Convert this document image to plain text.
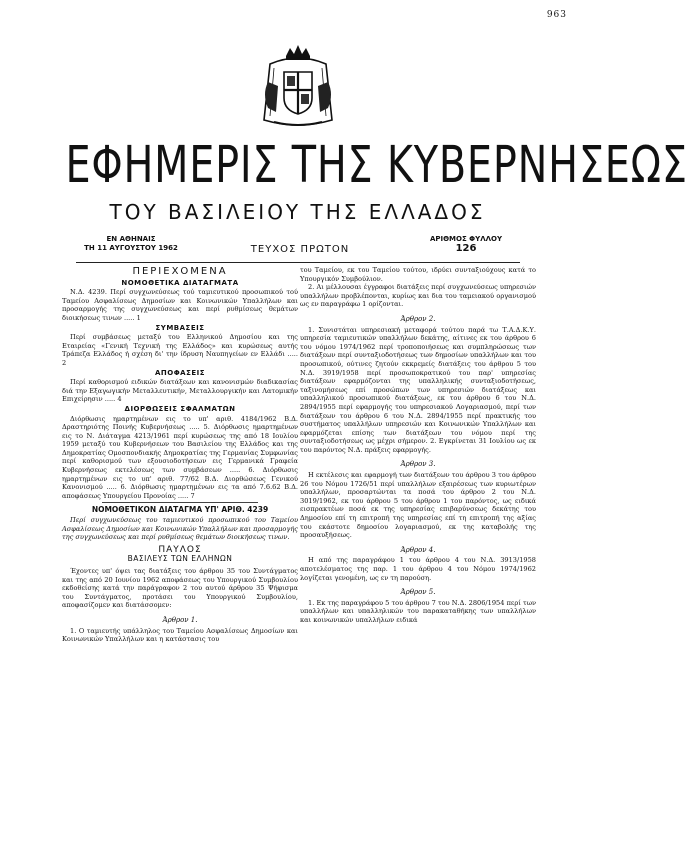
963
ΕΦΗΜΕΡΙΣ ΤΗΣ ΚΥΒΕΡΝΗΣΕΩΣ
ΤΟΥ ΒΑΣΙΛΕΙΟΥ ΤΗΣ ΕΛΛΑΔΟΣ
ΕΝ ΑΘΗΝΑΙΣ
ΤΗ 11 ΑΥΓΟΥΣΤΟΥ 1962	ΤΕΥΧΟΣ ΠΡΩΤΟΝ
ΑΡΙΘΜΟΣ ΦΥΛΛΟΥ
126
ΠΕΡΙΕΧΟΜΕΝΑ
ΝΟΜΟΘΕΤΙΚΑ ΔΙΑΤΑΓΜΑΤΑ

Ν.Δ. 4239. Περί συγχωνεύσεως τού ταμιευτικού προσωπικού τού Ταμείου Ασφαλίσεως Δημοσίων και Κοινωνικών Υπαλλήλων και προσαρμογής της συγχωνεύσεως και περί ρυθμίσεως θεμάτων διοικήσεως τινων ..... 1

ΣΥΜΒΑΣΕΙΣ

Περί συμβάσεως μεταξύ του Ελληνικού Δημοσίου και της Εταιρείας «Γενική Τεχνική της Ελλάδος» και κυρώσεως αυτής Τράπεζα Ελλάδος ή σχέση δι' την ίδρυση Ναυπηγείων εν Ελλάδι ..... 2

ΑΠΟΦΑΣΕΙΣ

Περί καθορισμού ειδικών διατάξεων και κανονισμών διαδικασίας διά την Εξαγωγικήν Μεταλλευτικήν, Μεταλλουργικήν και Λατομικήν Επιχείρησιν ..... 4

ΔΙΟΡΘΩΣΕΙΣ ΣΦΑΛΜΑΤΩΝ

Διόρθωσις ημαρτημένων εις το υπ' αριθ. 4184/1962 Β.Δ. Δραστηριότης Ποινής Κυβερνήσεως ..... 5. Διόρθωσις ημαρτημένων εις το Ν. Διάταγμα 4213/1961 περί κυρώσεως της από 18 Ιουλίου 1959 μεταξύ του Κυβερνήσεων του Βασιλείου της Ελλάδος και της Δημοκρατίας Ομοσπονδιακής Δημοκρατίας της Γερμανίας Συμφωνίας περί καθορισμού των εξουσιοδοτήσεων εις Γερμανικά Γραφεία Κυβερνήσεως εκτελέσεως των συμβάσεων ..... 6. Διόρθωσις ημαρτημένων εις το υπ' αριθ. 77/62 Β.Δ. Διορθώσεως Γενικού Κανονισμού ..... 6. Διόρθωσις ημαρτημένων εις τα από 7.6.62 Β.Δ. αποφάσεως Υπουργείου Πρoνοίας ..... 7

ΝΟΜΟΘΕΤΙΚΟΝ ΔΙΑΤΑΓΜΑ ΥΠ' ΑΡΙΘ. 4239

Περί συγχωνεύσεως του ταμιευτικού προσωπικού του Ταμείου Ασφαλίσεως Δημοσίων και Κοινωνικών Υπαλλήλων και προσαρμογής της συγχωνεύσεως και περί ρυθμίσεως θεμάτων διοικήσεως τινων.

ΠΑΥΛΟΣ
ΒΑΣΙΛΕΥΣ ΤΩΝ ΕΛΛΗΝΩΝ

Έχοντες υπ' όψει τας διατάξεις του άρθρου 35 του Συντάγματος και της από 20 Ιουνίου 1962 αποφάσεως του Υπουργικού Συμβουλίου εκδοθείσης κατά την παράγραφον 2 του αυτού άρθρου 35 Ψήφισμα του Συντάγματος, προτάσει του Υπουργικού Συμβουλίου, αποφασίζομεν και διατάσσομεν:

Άρθρον 1.

1. Ο ταμιευτής υπάλληλος του Ταμείου Ασφαλίσεως Δημοσίων και Κοινωνικών Υπαλλήλων και η κατάστασις του

του Ταμείου, εκ του Ταμείου τούτου, ιδρύει συνταξιούχους κατά το Υπουργικόν Συμβούλιον.

2. Αι μέλλουσαι έγγραφοι διατάξεις περί συγχωνεύσεως υπηρεσιών υπαλλήλων προβλέπονται, κυρίως και δια του ταμειακού οργανισμού ως εν παραγράφω 1 ορίζονται.

Άρθρον 2.

1. Συνιστάται υπηρεσιακή μεταφορά τούτου παρά τω Τ.Α.Δ.Κ.Υ. υπηρεσία ταμιευτικών υπαλλήλων δεκάτης, αίτινες εκ του άρθρου 6 του νόμου 1974/1962 περί τροποποιήσεως και συμπληρώσεως των διατάξεων περί συνταξιοδοτήσεως των δημοσίων υπαλλήλων και του προσωπικού, ούτινες ζητούν εκκρεμείς διατάξεις του άρθρου 5 του Ν.Δ. 3919/1958 περί προσωποκρατικού του παρ' υπηρεσίας διατάξεων εφαρμόζονται της υπαλληλικής συνταξιοδοτήσεως, ταξινομήσεως επί προσώπων των υπηρεσιών διατάξεως και υπαλληλικού προσωπικού διατάξεως, εκ του άρθρου 6 του Ν.Δ. 2894/1955 περί εφαρμογής του υπηρεσιακού Λογαριασμού, περί των διατάξεων του άρθρου 6 του Ν.Δ. 2894/1955 περί πρακτικής του συστήματος υπαλλήλων υπηρεσιών και Κοινωνικών Υπαλλήλων και εφαρμόζεται επίσης των διατάξεων του νόμου περί της συνταξιοδοτήσεως ως μέχρι σήμερον. 2. Εγκρίνεται 31 Ιουλίου ως εκ του παρόντος Ν.Δ. πράξεις εφαρμογής.

Άρθρον 3.

Η εκτέλεσις και εφαρμογή των διατάξεων του άρθρου 3 του άρθρου 26 του Νόμου 1726/51 περί υπαλλήλων εξαιρέσεως των κυριωτέρων υπαλλήλων, προσαρτώνται τα ποσά του άρθρου 2 του Ν.Δ. 3019/1962, εκ του άρθρου 5 του άρθρου 1 του παρόντος, ως ειδικά εισπρακτέων ποσά εκ της υπηρεσίας επιβαρύνσεως δεκάτης του Δημοσίου επί τη επιτροπή της υπηρεσίας επί τη επιτροπή της αξίας του εκάστοτε δημοσίου λογαριασμού, εκ της καταβολής της προσαυξήσεως.

Άρθρον 4.

Η από της παραγράφου 1 του άρθρου 4 του Ν.Δ. 3913/1958 αποτελέσματος της παρ. 1 του άρθρου 4 του Νόμου 1974/1962 λογίζεται γενομένη, ως εν τη παρούση.

Άρθρον 5.

1. Εκ της παραγράφου 5 του άρθρου 7 του Ν.Δ. 2806/1954 περί των υπαλλήλων και υπαλληλικών του παρακαταθήκης των υπαλλήλων και κοινωνικών υπαλλήλων ειδικά
